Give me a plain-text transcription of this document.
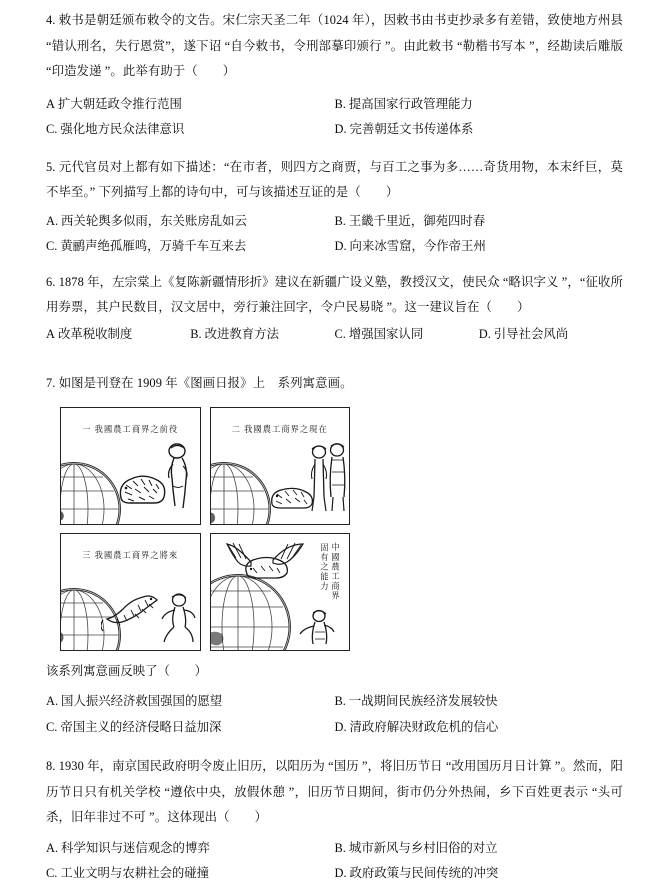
4. 敕书是朝廷颁布敕令的文告。宋仁宗天圣二年（1024 年），因敕书由书吏抄录多有差错，致使地方州县 “错认刑名，失行恩赏”，遂下诏 “自今敕书，令刑部摹印颁行 ”。由此敕书 “勒楷书写本 ”，经勘读后雕版 “印造发递 ”。此举有助于（　　）

A 扩大朝廷政令推行范围	B. 提高国家行政管理能力
C. 强化地方民众法律意识	D. 完善朝廷文书传递体系

5. 元代官员对上都有如下描述：“在市者，则四方之商贾，与百工之事为多……奇货用物，本末纤巨，莫不毕至。” 下列描写上都的诗句中，可与该描述互证的是（　　）

A. 西关轮舆多似雨，东关账房乱如云	B. 王畿千里近，御苑四时春
C. 黄鹂声绝孤雁鸣，万骑千车互来去	D. 向来冰雪窟，今作帝王州

6. 1878 年，左宗棠上《复陈新疆情形折》建议在新疆广设义塾，教授汉文，使民众 “略识字义 ”，“征收所用券票，其户民数目，汉文居中，旁行兼注回字，令户民易晓 ”。这一建议旨在（　　）

A 改革税收制度	B. 改进教育方法	C. 增强国家认同	D. 引导社会风尚

7. 如图是刊登在 1909 年《图画日报》上　系列寓意画。

一 我國農工商界之前役	二 我國農工商界之現在
三 我國農工商界之將來	中國農工商界
固有之能力

该系列寓意画反映了（　　）

A. 国人振兴经济救国强国的愿望	B. 一战期间民族经济发展较快
C. 帝国主义的经济侵略日益加深	D. 清政府解决财政危机的信心

8. 1930 年，南京国民政府明令废止旧历，以阳历为 “国历 ”，将旧历节日 “改用国历月日计算 ”。然而，阳历节日只有机关学校 “遵依中央，放假休憩 ”，旧历节日期间，街市仍分外热闹，乡下百姓更表示 “头可杀，旧年非过不可 ”。这体现出（　　）

A. 科学知识与迷信观念的博弈	B. 城市新风与乡村旧俗的对立
C. 工业文明与农耕社会的碰撞	D. 政府政策与民间传统的冲突
